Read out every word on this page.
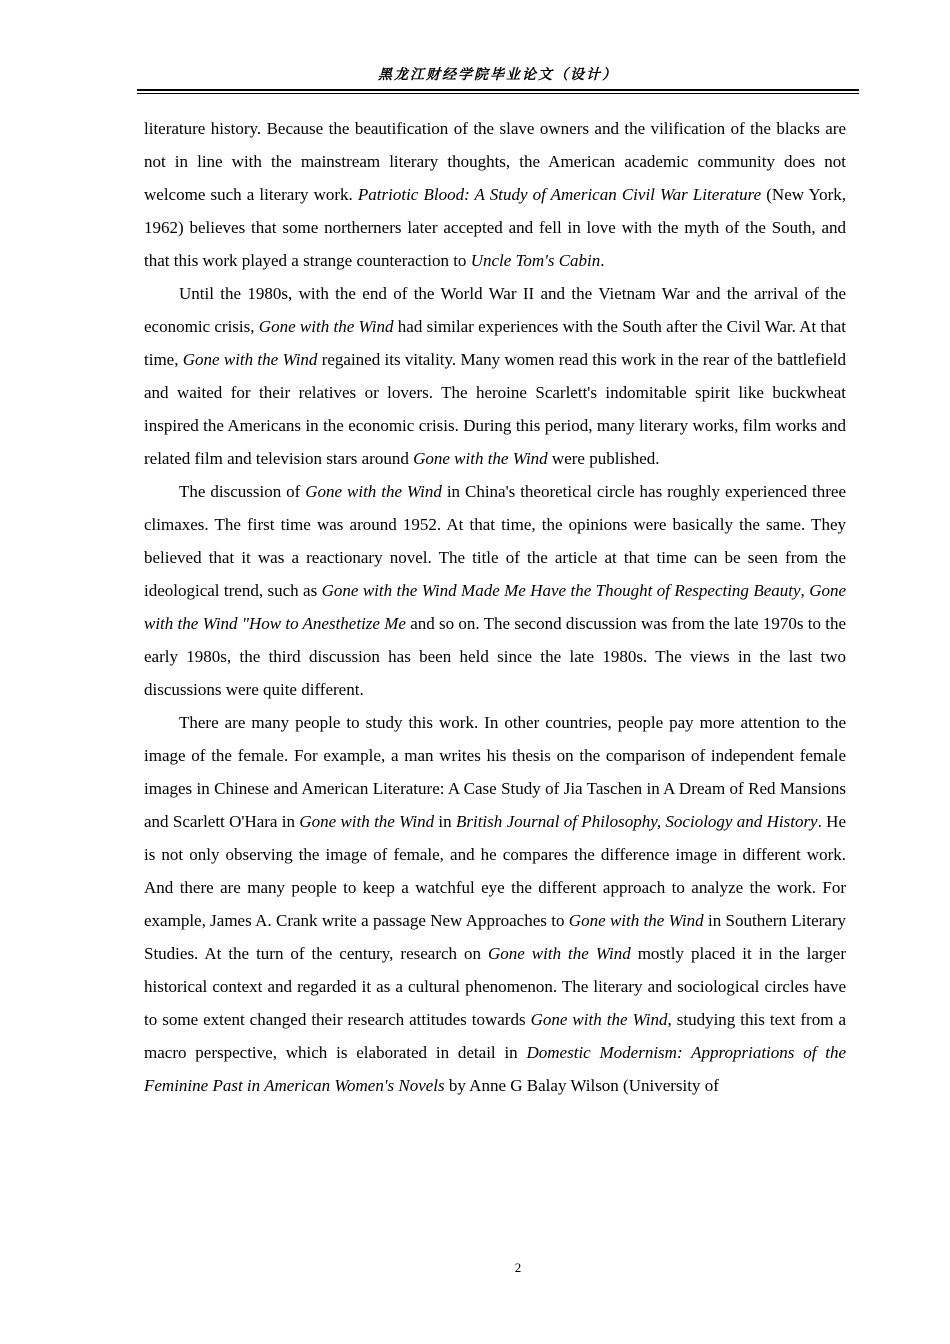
黑龙江财经学院毕业论文（设计）

literature history. Because the beautification of the slave owners and the vilification of the blacks are not in line with the mainstream literary thoughts, the American academic community does not welcome such a literary work. Patriotic Blood: A Study of American Civil War Literature (New York, 1962) believes that some northerners later accepted and fell in love with the myth of the South, and that this work played a strange counteraction to Uncle Tom's Cabin.

Until the 1980s, with the end of the World War II and the Vietnam War and the arrival of the economic crisis, Gone with the Wind had similar experiences with the South after the Civil War. At that time, Gone with the Wind regained its vitality. Many women read this work in the rear of the battlefield and waited for their relatives or lovers. The heroine Scarlett's indomitable spirit like buckwheat inspired the Americans in the economic crisis. During this period, many literary works, film works and related film and television stars around Gone with the Wind were published.

The discussion of Gone with the Wind in China's theoretical circle has roughly experienced three climaxes. The first time was around 1952. At that time, the opinions were basically the same. They believed that it was a reactionary novel. The title of the article at that time can be seen from the ideological trend, such as Gone with the Wind Made Me Have the Thought of Respecting Beauty, Gone with the Wind "How to Anesthetize Me and so on. The second discussion was from the late 1970s to the early 1980s, the third discussion has been held since the late 1980s. The views in the last two discussions were quite different.

There are many people to study this work. In other countries, people pay more attention to the image of the female. For example, a man writes his thesis on the comparison of independent female images in Chinese and American Literature: A Case Study of Jia Taschen in A Dream of Red Mansions and Scarlett O'Hara in Gone with the Wind in British Journal of Philosophy, Sociology and History. He is not only observing the image of female, and he compares the difference image in different work. And there are many people to keep a watchful eye the different approach to analyze the work. For example, James A. Crank write a passage New Approaches to Gone with the Wind in Southern Literary Studies. At the turn of the century, research on Gone with the Wind mostly placed it in the larger historical context and regarded it as a cultural phenomenon. The literary and sociological circles have to some extent changed their research attitudes towards Gone with the Wind, studying this text from a macro perspective, which is elaborated in detail in Domestic Modernism: Appropriations of the Feminine Past in American Women's Novels by Anne G Balay Wilson (University of

2
